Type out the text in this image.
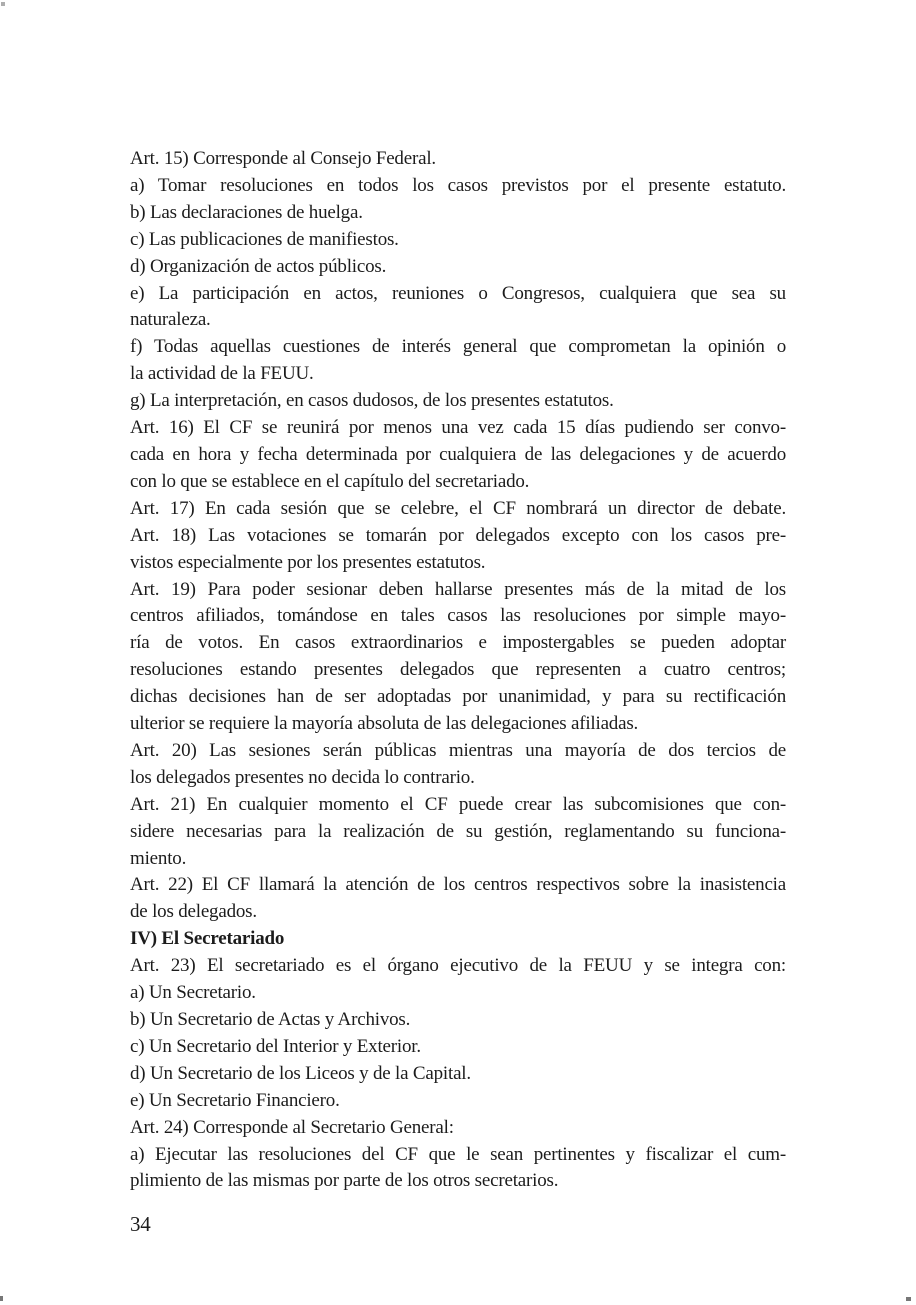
Art. 15) Corresponde al Consejo Federal.
a) Tomar resoluciones en todos los casos previstos por el presente estatuto.
b) Las declaraciones de huelga.
c) Las publicaciones de manifiestos.
d) Organización de actos públicos.
e) La participación en actos, reuniones o Congresos, cualquiera que sea su
naturaleza.
f) Todas aquellas cuestiones de interés general que comprometan la opinión o
la actividad de la FEUU.
g) La interpretación, en casos dudosos, de los presentes estatutos.
Art. 16) El CF se reunirá por menos una vez cada 15 días pudiendo ser convo-
cada en hora y fecha determinada por cualquiera de las delegaciones y de acuerdo
con lo que se establece en el capítulo del secretariado.
Art. 17) En cada sesión que se celebre, el CF nombrará un director de debate.
Art. 18) Las votaciones se tomarán por delegados excepto con los casos pre-
vistos especialmente por los presentes estatutos.
Art. 19) Para poder sesionar deben hallarse presentes más de la mitad de los
centros afiliados, tomándose en tales casos las resoluciones por simple mayo-
ría de votos. En casos extraordinarios e impostergables se pueden adoptar
resoluciones estando presentes delegados que representen a cuatro centros;
dichas decisiones han de ser adoptadas por unanimidad, y para su rectificación
ulterior se requiere la mayoría absoluta de las delegaciones afiliadas.
Art. 20) Las sesiones serán públicas mientras una mayoría de dos tercios de
los delegados presentes no decida lo contrario.
Art. 21) En cualquier momento el CF puede crear las subcomisiones que con-
sidere necesarias para la realización de su gestión, reglamentando su funciona-
miento.
Art. 22) El CF llamará la atención de los centros respectivos sobre la inasistencia
de los delegados.
IV) El Secretariado
Art. 23) El secretariado es el órgano ejecutivo de la FEUU y se integra con:
a) Un Secretario.
b) Un Secretario de Actas y Archivos.
c) Un Secretario del Interior y Exterior.
d) Un Secretario de los Liceos y de la Capital.
e) Un Secretario Financiero.
Art. 24) Corresponde al Secretario General:
a) Ejecutar las resoluciones del CF que le sean pertinentes y fiscalizar el cum-
plimiento de las mismas por parte de los otros secretarios.
34
